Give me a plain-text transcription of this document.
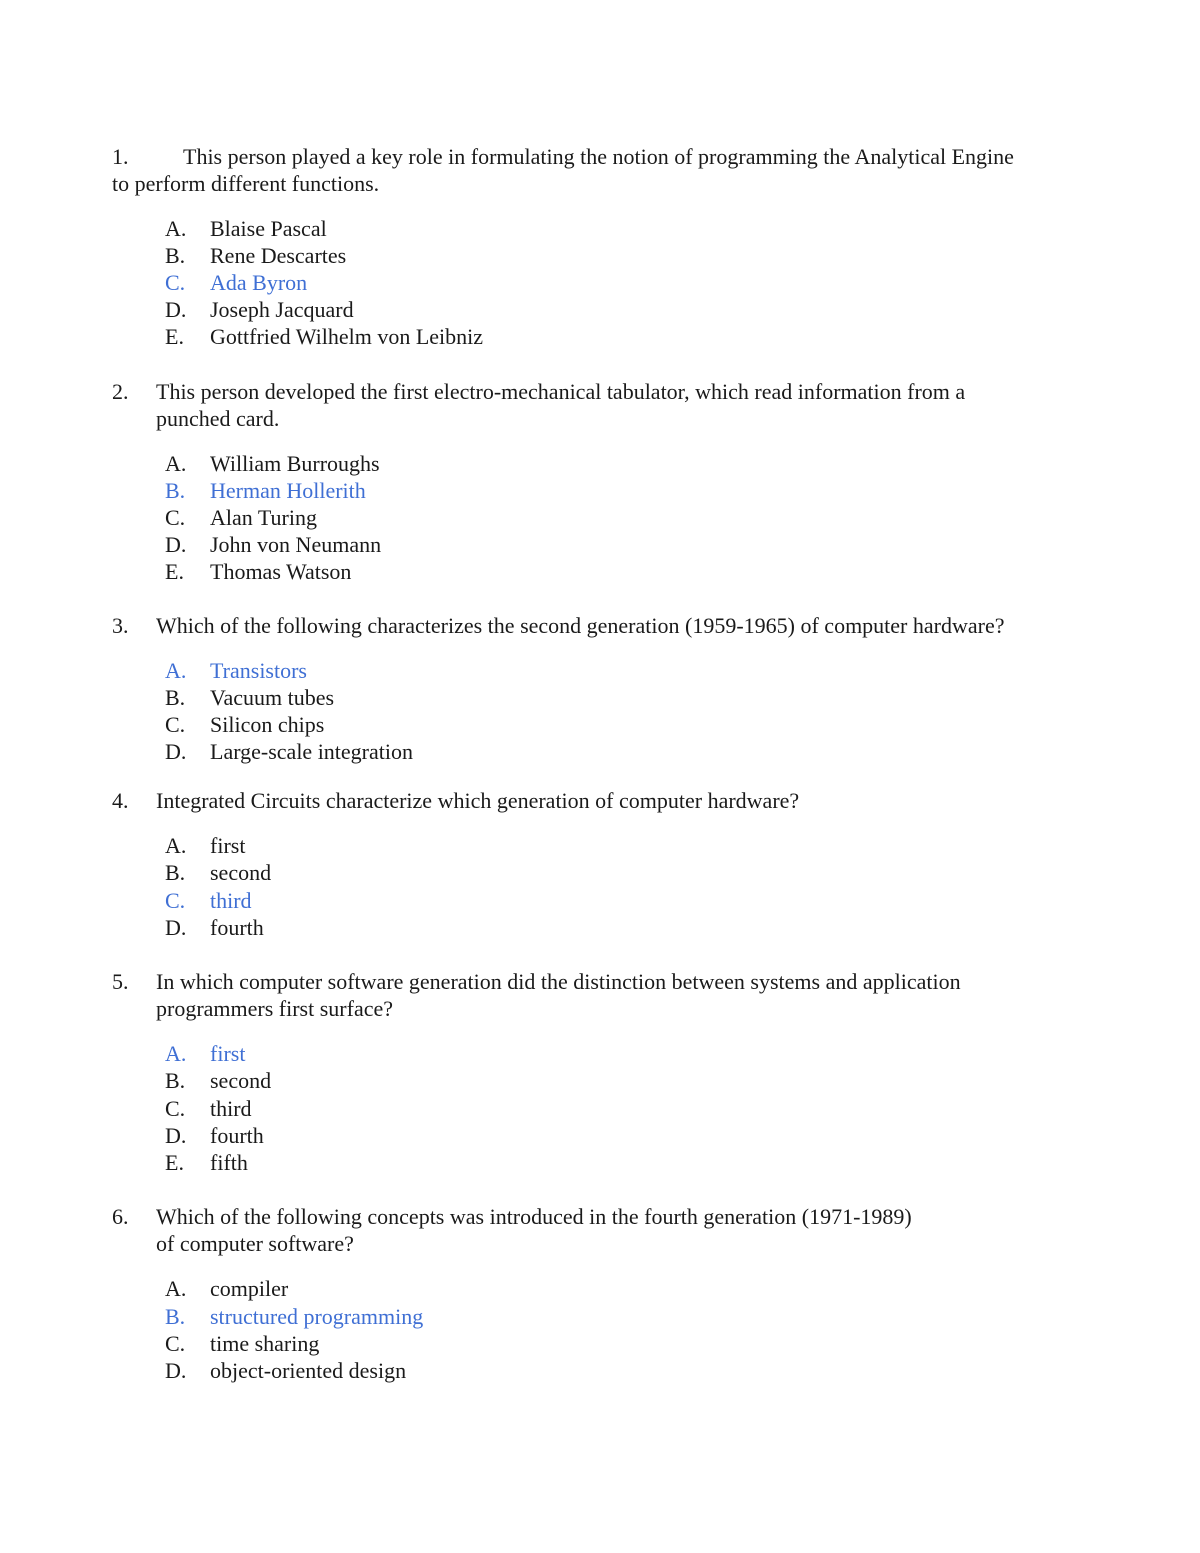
1. This person played a key role in formulating the notion of programming the Analytical Engine
to perform different functions.
A. Blaise Pascal
B. Rene Descartes
C. Ada Byron
D. Joseph Jacquard
E. Gottfried Wilhelm von Leibniz
2. This person developed the first electro-mechanical tabulator, which read information from a
punched card.
A. William Burroughs
B. Herman Hollerith
C. Alan Turing
D. John von Neumann
E. Thomas Watson
3. Which of the following characterizes the second generation (1959-1965) of computer hardware?
A. Transistors
B. Vacuum tubes
C. Silicon chips
D. Large-scale integration
4. Integrated Circuits characterize which generation of computer hardware?
A. first
B. second
C. third
D. fourth
5. In which computer software generation did the distinction between systems and application
programmers first surface?
A. first
B. second
C. third
D. fourth
E. fifth
6. Which of the following concepts was introduced in the fourth generation (1971-1989)
of computer software?
A. compiler
B. structured programming
C. time sharing
D. object-oriented design
